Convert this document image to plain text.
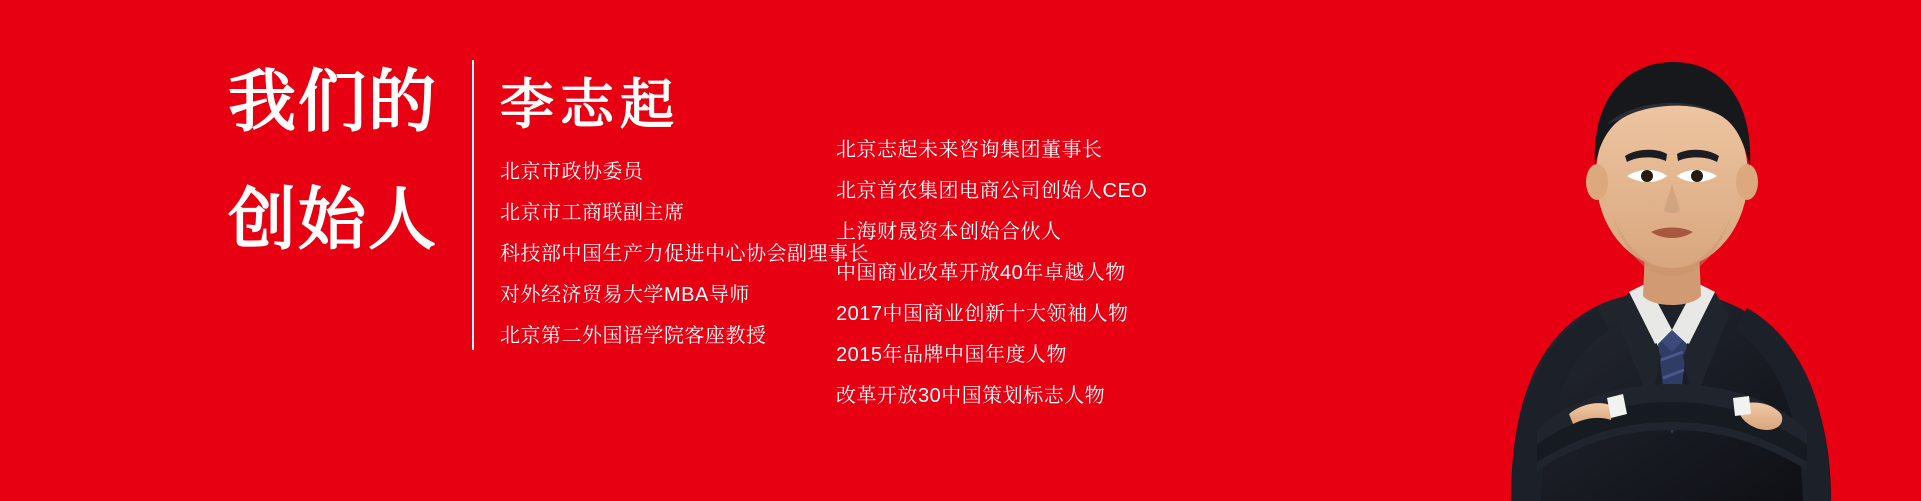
我们的
创始人
李志起
北京市政协委员
北京市工商联副主席
科技部中国生产力促进中心协会副理事长
对外经济贸易大学MBA导师
北京第二外国语学院客座教授
北京志起未来咨询集团董事长
北京首农集团电商公司创始人CEO
上海财晟资本创始合伙人
中国商业改革开放40年卓越人物
2017中国商业创新十大领袖人物
2015年品牌中国年度人物
改革开放30中国策划标志人物
